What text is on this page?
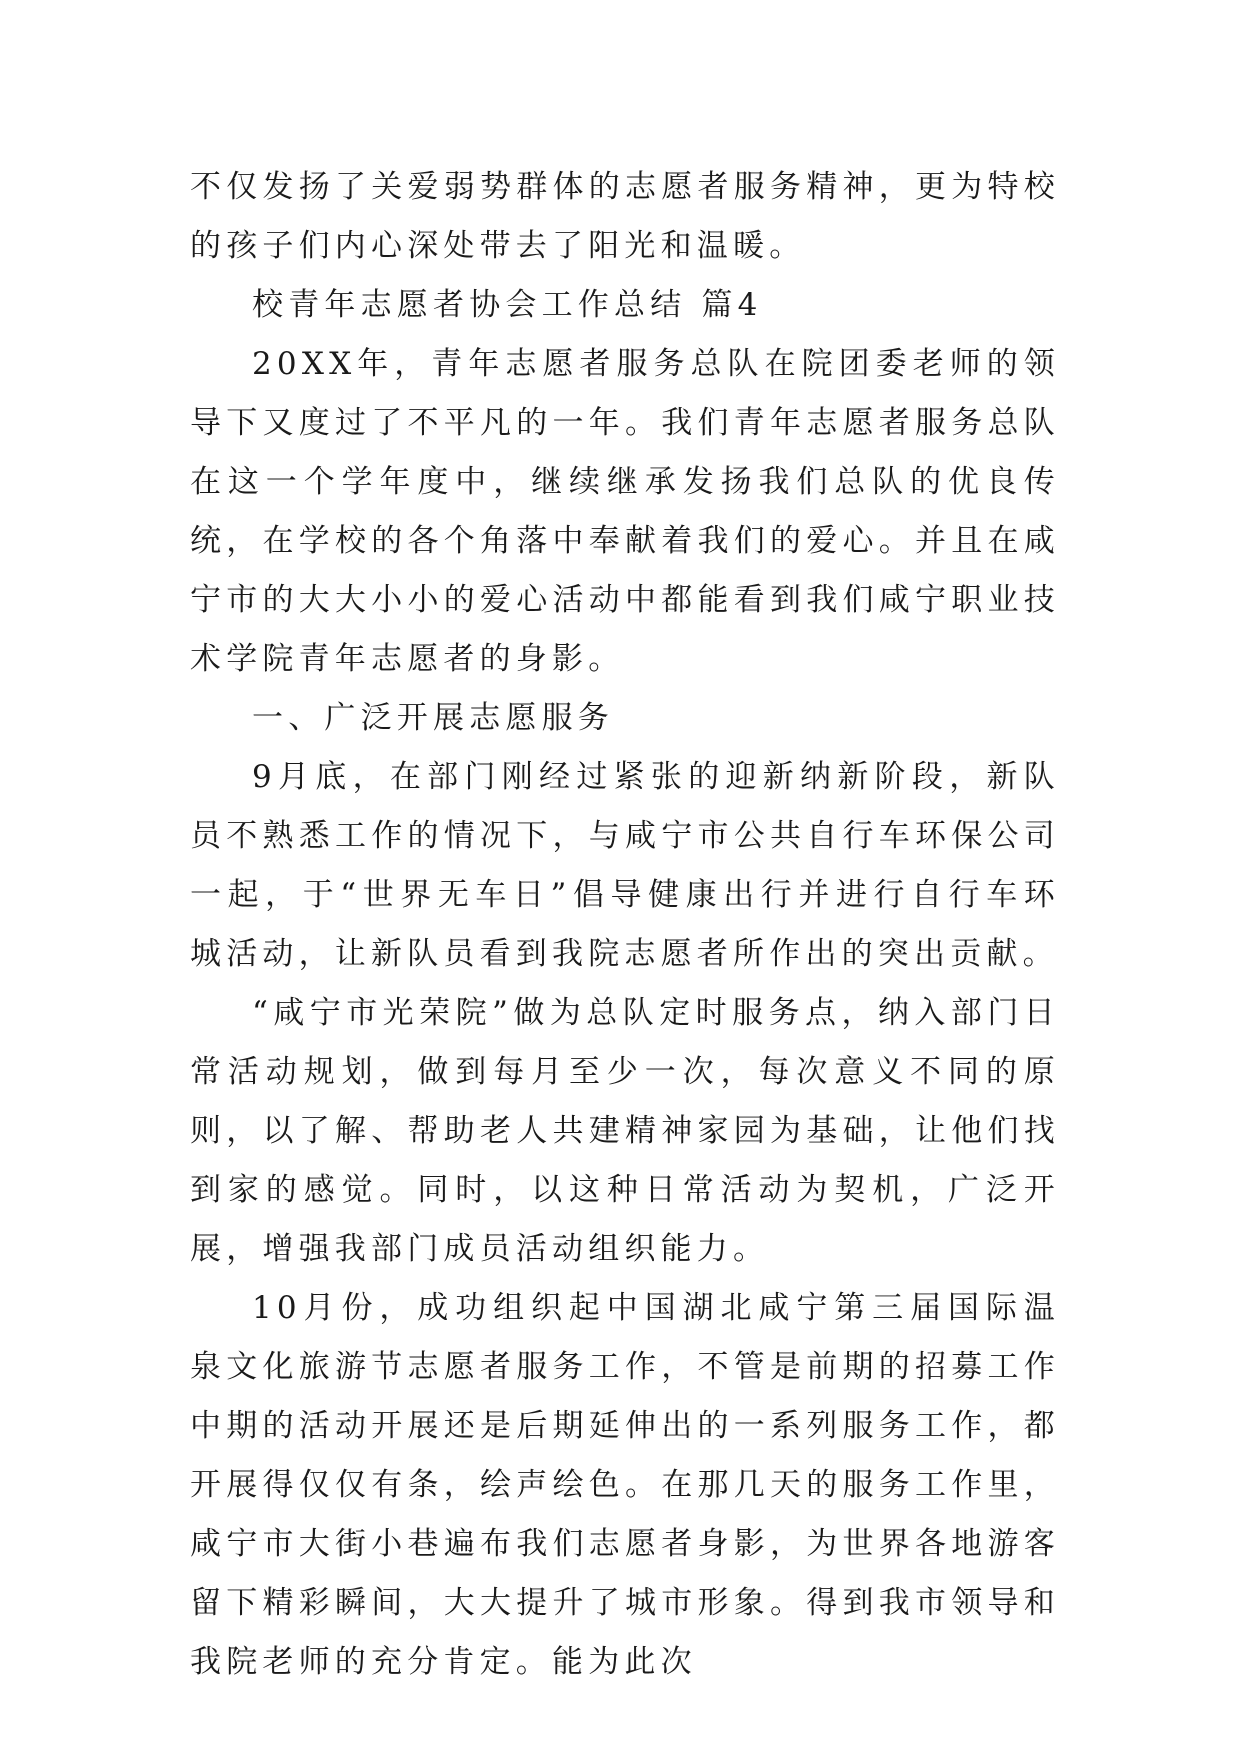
不仅发扬了关爱弱势群体的志愿者服务精神，更为特校的孩子们内心深处带去了阳光和温暖。

校青年志愿者协会工作总结 篇4

20XX年，青年志愿者服务总队在院团委老师的领导下又度过了不平凡的一年。我们青年志愿者服务总队在这一个学年度中，继续继承发扬我们总队的优良传统，在学校的各个角落中奉献着我们的爱心。并且在咸宁市的大大小小的爱心活动中都能看到我们咸宁职业技术学院青年志愿者的身影。

一、广泛开展志愿服务

9月底，在部门刚经过紧张的迎新纳新阶段，新队员不熟悉工作的情况下，与咸宁市公共自行车环保公司一起，于“世界无车日”倡导健康出行并进行自行车环城活动，让新队员看到我院志愿者所作出的突出贡献。

“咸宁市光荣院”做为总队定时服务点，纳入部门日常活动规划，做到每月至少一次，每次意义不同的原则，以了解、帮助老人共建精神家园为基础，让他们找到家的感觉。同时，以这种日常活动为契机，广泛开展，增强我部门成员活动组织能力。

10月份，成功组织起中国湖北咸宁第三届国际温泉文化旅游节志愿者服务工作，不管是前期的招募工作中期的活动开展还是后期延伸出的一系列服务工作，都开展得仅仅有条，绘声绘色。在那几天的服务工作里，咸宁市大街小巷遍布我们志愿者身影，为世界各地游客留下精彩瞬间，大大提升了城市形象。得到我市领导和我院老师的充分肯定。能为此次
